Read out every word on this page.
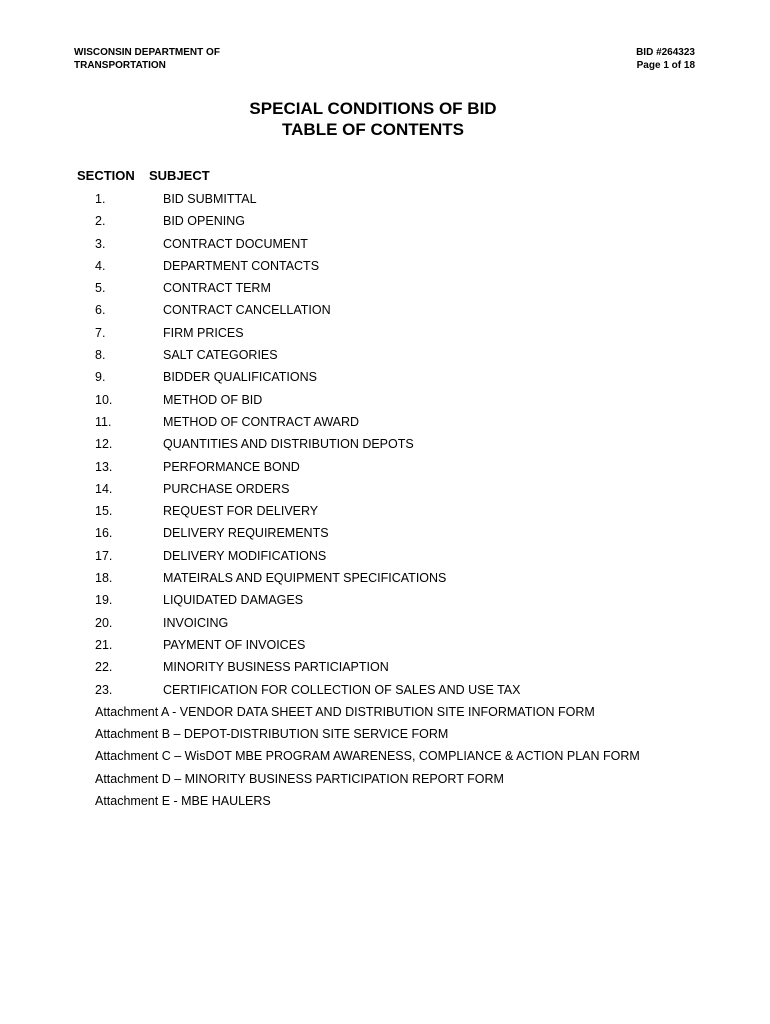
WISCONSIN DEPARTMENT OF
TRANSPORTATION
BID #264323
Page 1 of 18
SPECIAL CONDITIONS OF BID
TABLE OF CONTENTS
SECTION SUBJECT
1.	BID SUBMITTAL
2.	BID OPENING
3.	CONTRACT DOCUMENT
4.	DEPARTMENT CONTACTS
5.	CONTRACT TERM
6.	CONTRACT CANCELLATION
7.	FIRM PRICES
8.	SALT CATEGORIES
9.	BIDDER QUALIFICATIONS
10.	METHOD OF BID
11.	METHOD OF CONTRACT AWARD
12.	QUANTITIES AND DISTRIBUTION DEPOTS
13.	PERFORMANCE BOND
14.	PURCHASE ORDERS
15.	REQUEST FOR DELIVERY
16.	DELIVERY REQUIREMENTS
17.	DELIVERY MODIFICATIONS
18.	MATEIRALS AND EQUIPMENT SPECIFICATIONS
19.	LIQUIDATED DAMAGES
20.	INVOICING
21.	PAYMENT OF INVOICES
22.	MINORITY BUSINESS PARTICIAPTION
23.	CERTIFICATION FOR COLLECTION OF SALES AND USE TAX
Attachment A - VENDOR DATA SHEET AND DISTRIBUTION SITE INFORMATION FORM
Attachment B – DEPOT-DISTRIBUTION SITE SERVICE FORM
Attachment C – WisDOT MBE PROGRAM AWARENESS, COMPLIANCE & ACTION PLAN FORM
Attachment D – MINORITY BUSINESS PARTICIPATION REPORT FORM
Attachment E - MBE HAULERS
